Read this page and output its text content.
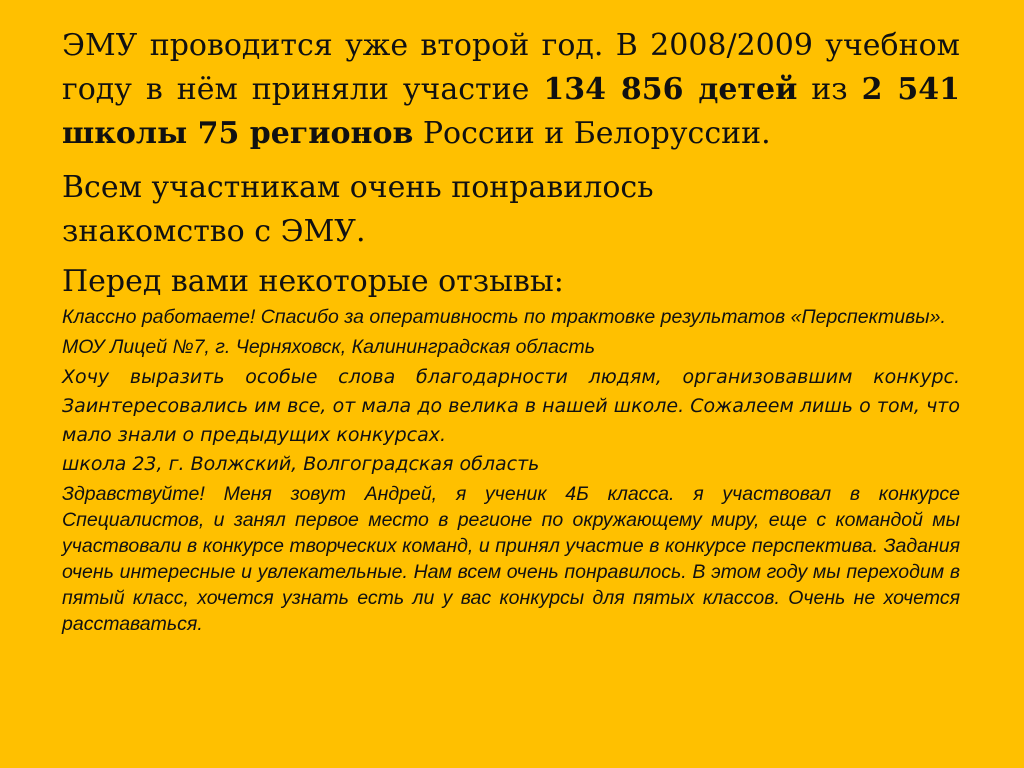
ЭМУ проводится уже второй год. В 2008/2009 учебном году в нём приняли участие 134 856 детей из 2 541 школы 75 регионов России и Белоруссии.

Всем участникам очень понравилось знакомство с ЭМУ.

Перед вами некоторые отзывы:

Классно работаете! Спасибо за оперативность по трактовке результатов «Перспективы».

МОУ Лицей №7, г. Черняховск, Калининградская область

Хочу выразить особые слова благодарности людям, организовавшим конкурс. Заинтересовались им все, от мала до велика в нашей школе. Сожалеем лишь о том, что мало знали о предыдущих конкурсах.

школа 23, г. Волжский, Волгоградская область

Здравствуйте! Меня зовут Андрей, я ученик 4Б класса. я участвовал в конкурсе Специалистов, и занял первое место в регионе по окружающему миру, еще с командой мы участвовали в конкурсе творческих команд, и принял участие в конкурсе перспектива. Задания очень интересные и увлекательные. Нам всем очень понравилось. В этом году мы переходим в пятый класс, хочется узнать есть ли у вас конкурсы для пятых классов. Очень не хочется расставаться.
